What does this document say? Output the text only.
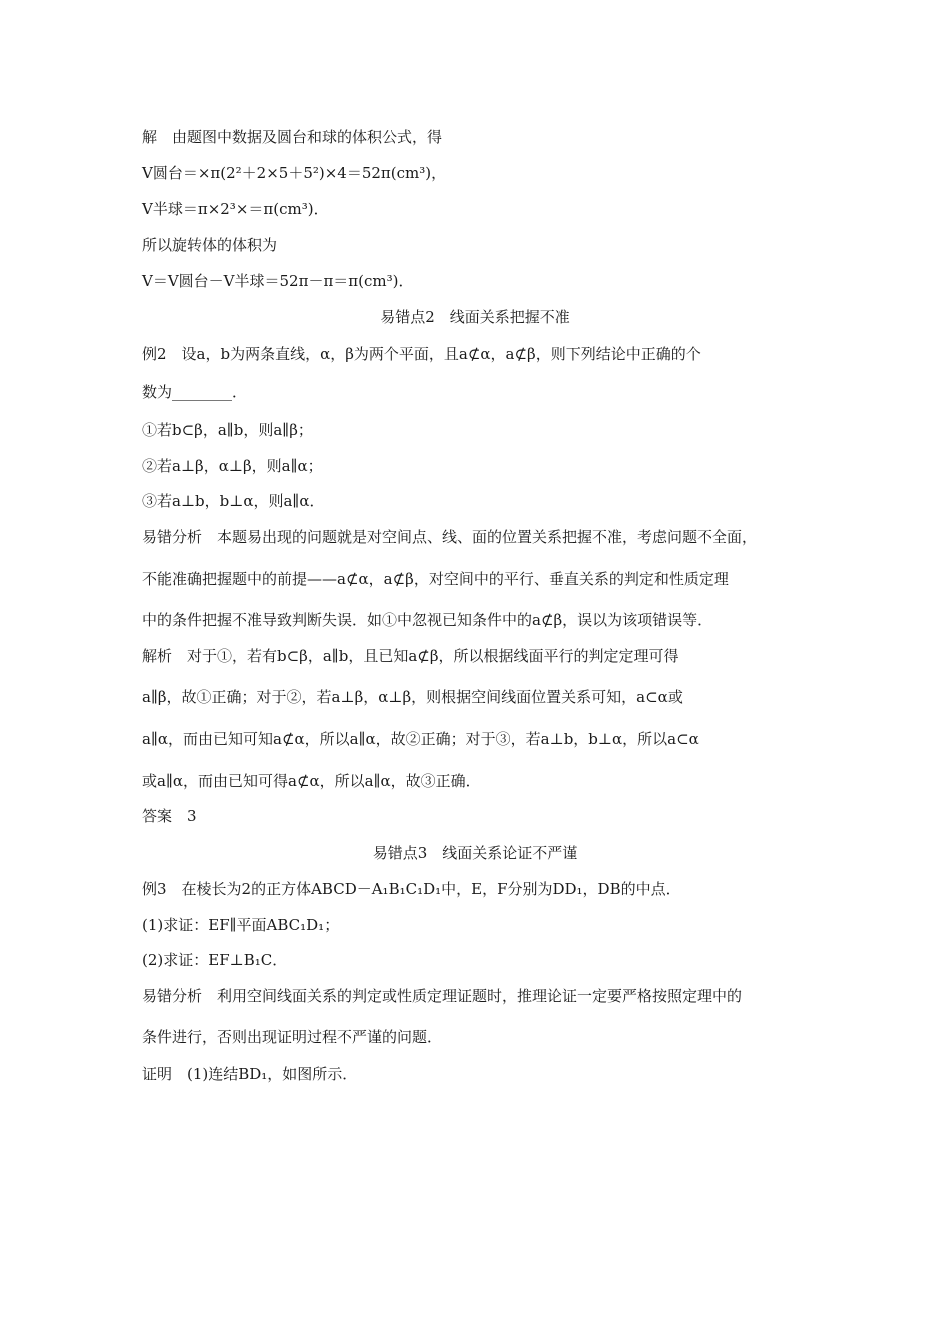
解　由题图中数据及圆台和球的体积公式，得
V圆台＝×π(2²＋2×5＋5²)×4＝52π(cm³)，
V半球＝π×2³×＝π(cm³)．
所以旋转体的体积为
V＝V圆台－V半球＝52π－π＝π(cm³)．
易错点2　线面关系把握不准
例2　设a，b为两条直线，α，β为两个平面，且a⊄α，a⊄β，则下列结论中正确的个
数为________．
①若b⊂β，a∥b，则a∥β；
②若a⊥β，α⊥β，则a∥α；
③若a⊥b，b⊥α，则a∥α．
易错分析　本题易出现的问题就是对空间点、线、面的位置关系把握不准，考虑问题不全面，
不能准确把握题中的前提——a⊄α，a⊄β，对空间中的平行、垂直关系的判定和性质定理
中的条件把握不准导致判断失误．如①中忽视已知条件中的a⊄β，误以为该项错误等．
解析　对于①，若有b⊂β，a∥b，且已知a⊄β，所以根据线面平行的判定定理可得
a∥β，故①正确；对于②，若a⊥β，α⊥β，则根据空间线面位置关系可知，a⊂α或
a∥α，而由已知可知a⊄α，所以a∥α，故②正确；对于③，若a⊥b，b⊥α，所以a⊂α
或a∥α，而由已知可得a⊄α，所以a∥α，故③正确．
答案　3
易错点3　线面关系论证不严谨
例3　在棱长为2的正方体ABCD－A₁B₁C₁D₁中，E，F分别为DD₁，DB的中点．
(1)求证：EF∥平面ABC₁D₁；
(2)求证：EF⊥B₁C．
易错分析　利用空间线面关系的判定或性质定理证题时，推理论证一定要严格按照定理中的
条件进行，否则出现证明过程不严谨的问题．
证明　(1)连结BD₁，如图所示．
